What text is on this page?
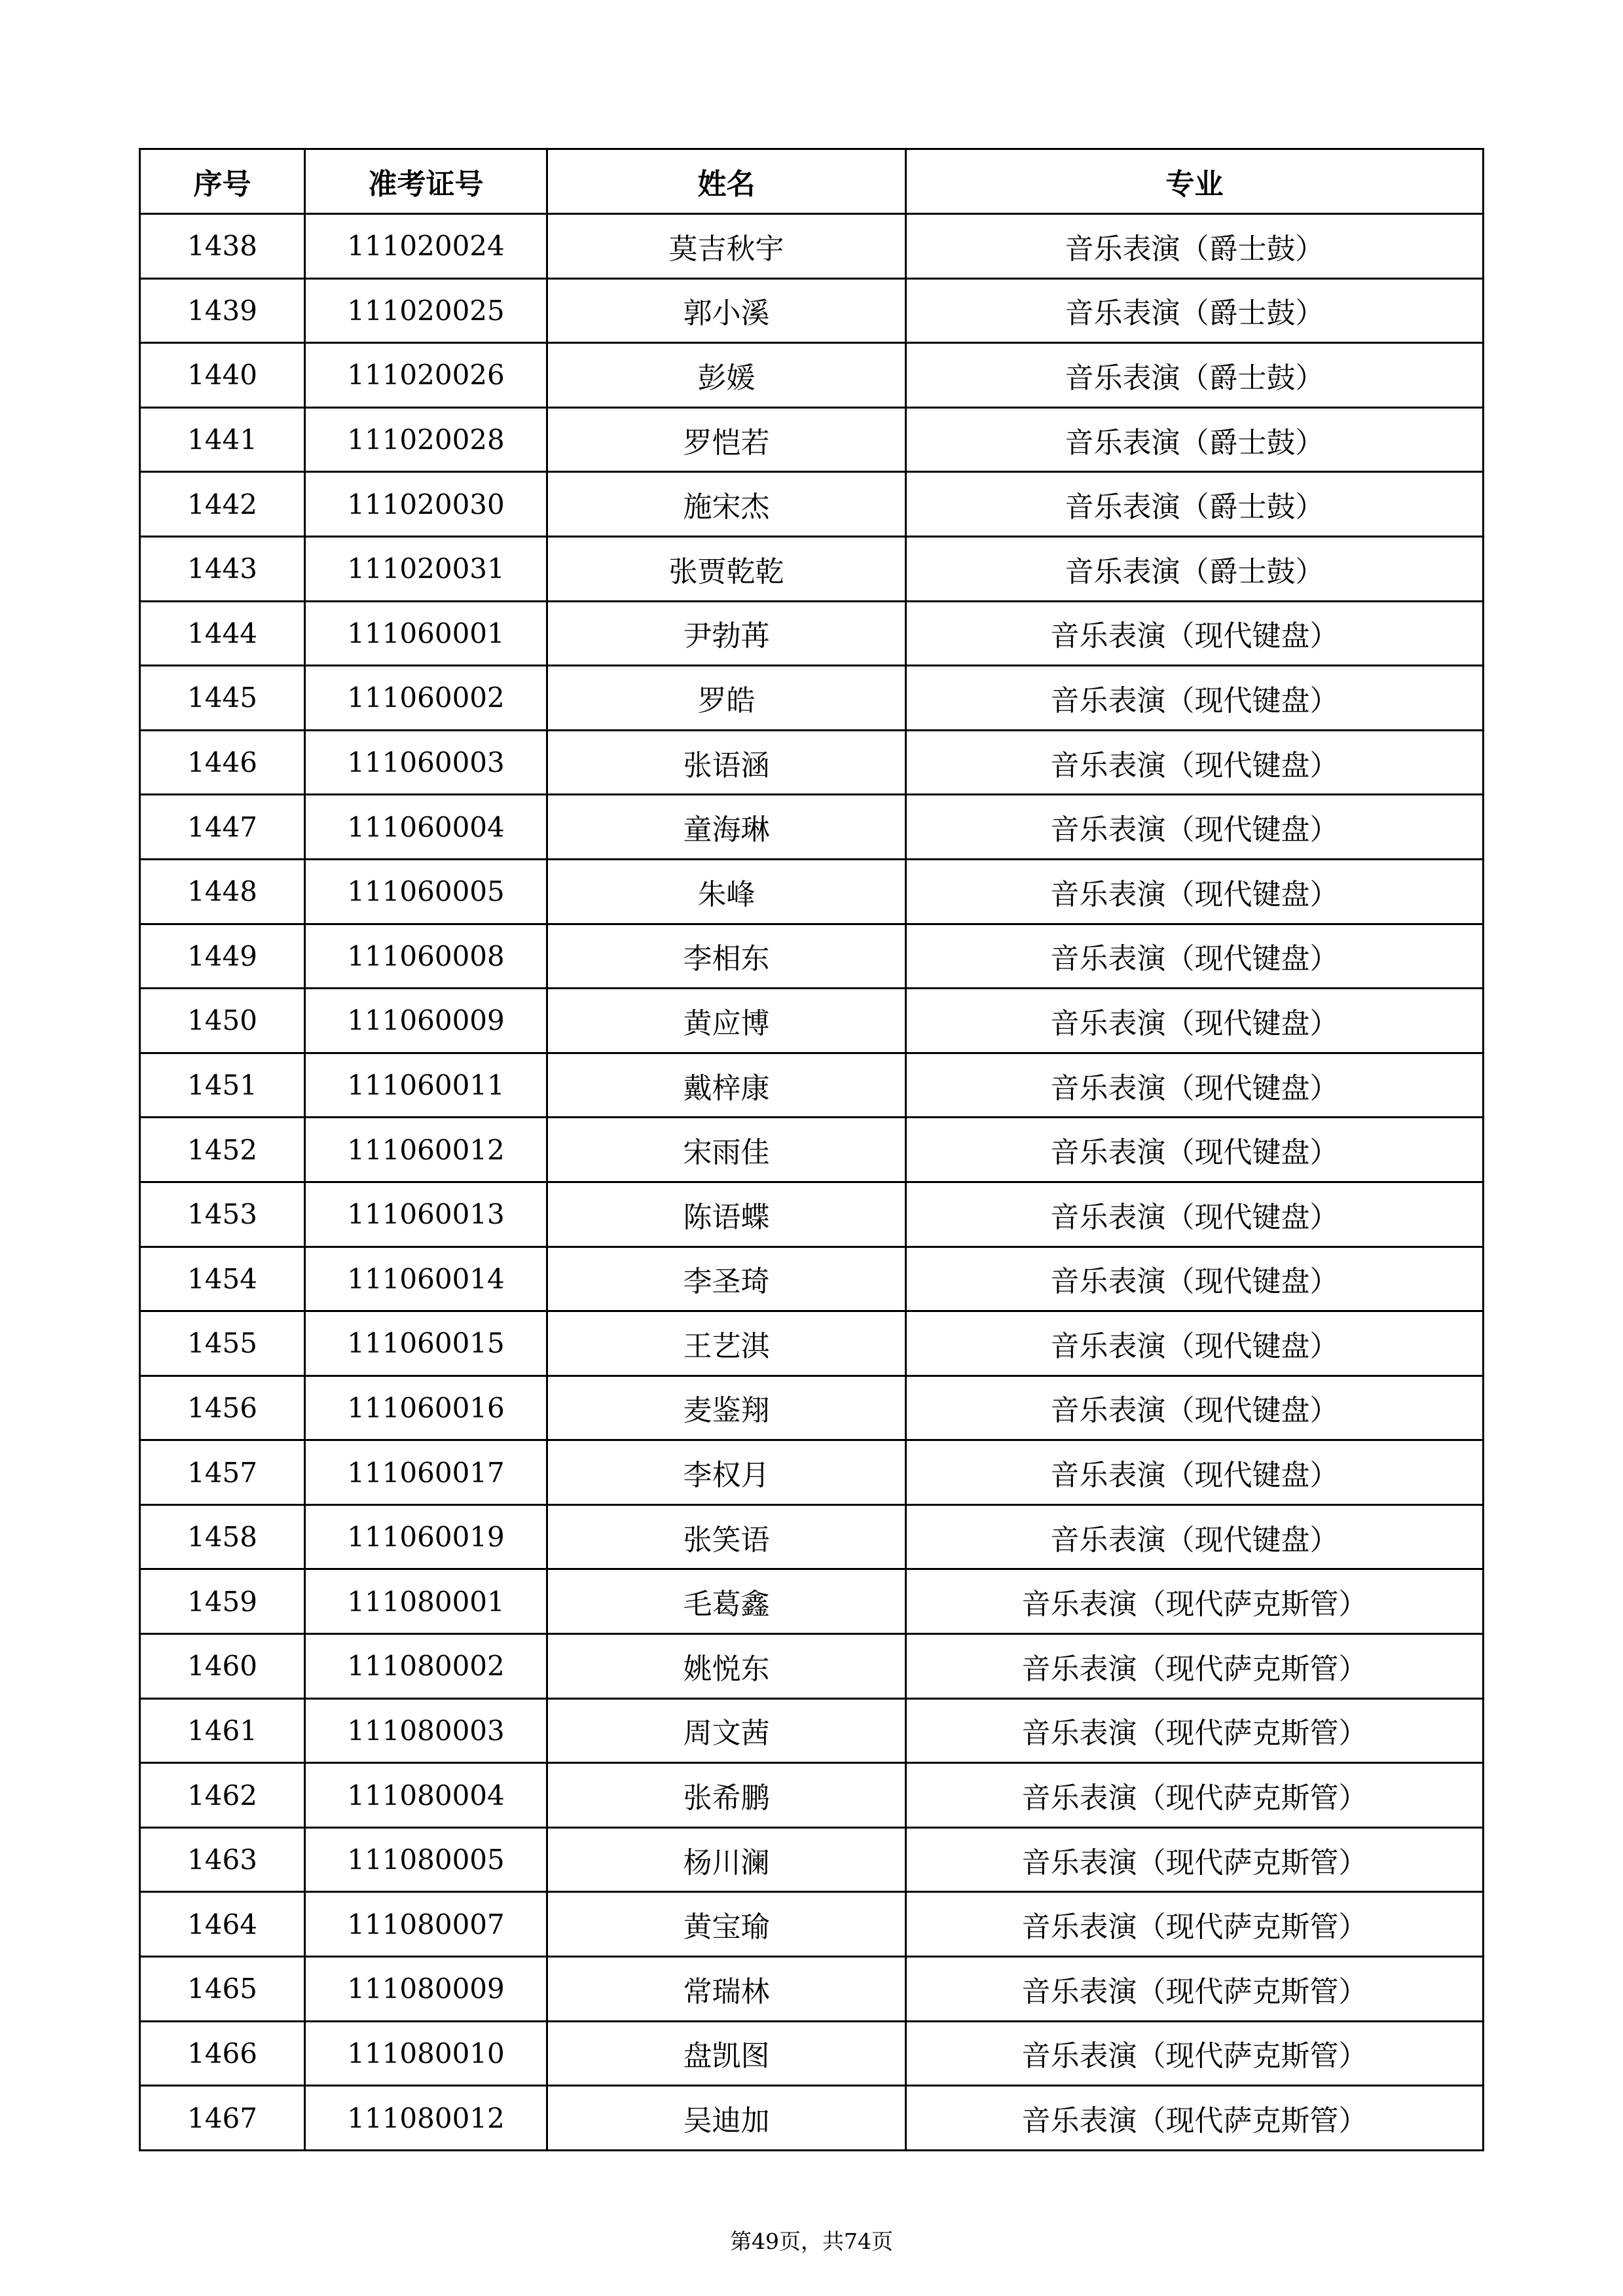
序号	准考证号	姓名	专业
1438	111020024	莫吉秋宇	音乐表演（爵士鼓）
1439	111020025	郭小溪	音乐表演（爵士鼓）
1440	111020026	彭媛	音乐表演（爵士鼓）
1441	111020028	罗恺若	音乐表演（爵士鼓）
1442	111020030	施宋杰	音乐表演（爵士鼓）
1443	111020031	张贾乾乾	音乐表演（爵士鼓）
1444	111060001	尹勃苒	音乐表演（现代键盘）
1445	111060002	罗皓	音乐表演（现代键盘）
1446	111060003	张语涵	音乐表演（现代键盘）
1447	111060004	童海琳	音乐表演（现代键盘）
1448	111060005	朱峰	音乐表演（现代键盘）
1449	111060008	李相东	音乐表演（现代键盘）
1450	111060009	黄应博	音乐表演（现代键盘）
1451	111060011	戴梓康	音乐表演（现代键盘）
1452	111060012	宋雨佳	音乐表演（现代键盘）
1453	111060013	陈语蝶	音乐表演（现代键盘）
1454	111060014	李圣琦	音乐表演（现代键盘）
1455	111060015	王艺淇	音乐表演（现代键盘）
1456	111060016	麦鉴翔	音乐表演（现代键盘）
1457	111060017	李权月	音乐表演（现代键盘）
1458	111060019	张笑语	音乐表演（现代键盘）
1459	111080001	毛葛鑫	音乐表演（现代萨克斯管）
1460	111080002	姚悦东	音乐表演（现代萨克斯管）
1461	111080003	周文茜	音乐表演（现代萨克斯管）
1462	111080004	张希鹏	音乐表演（现代萨克斯管）
1463	111080005	杨川澜	音乐表演（现代萨克斯管）
1464	111080007	黄宝瑜	音乐表演（现代萨克斯管）
1465	111080009	常瑞林	音乐表演（现代萨克斯管）
1466	111080010	盘凯图	音乐表演（现代萨克斯管）
1467	111080012	吴迪加	音乐表演（现代萨克斯管）
第49页，共74页
